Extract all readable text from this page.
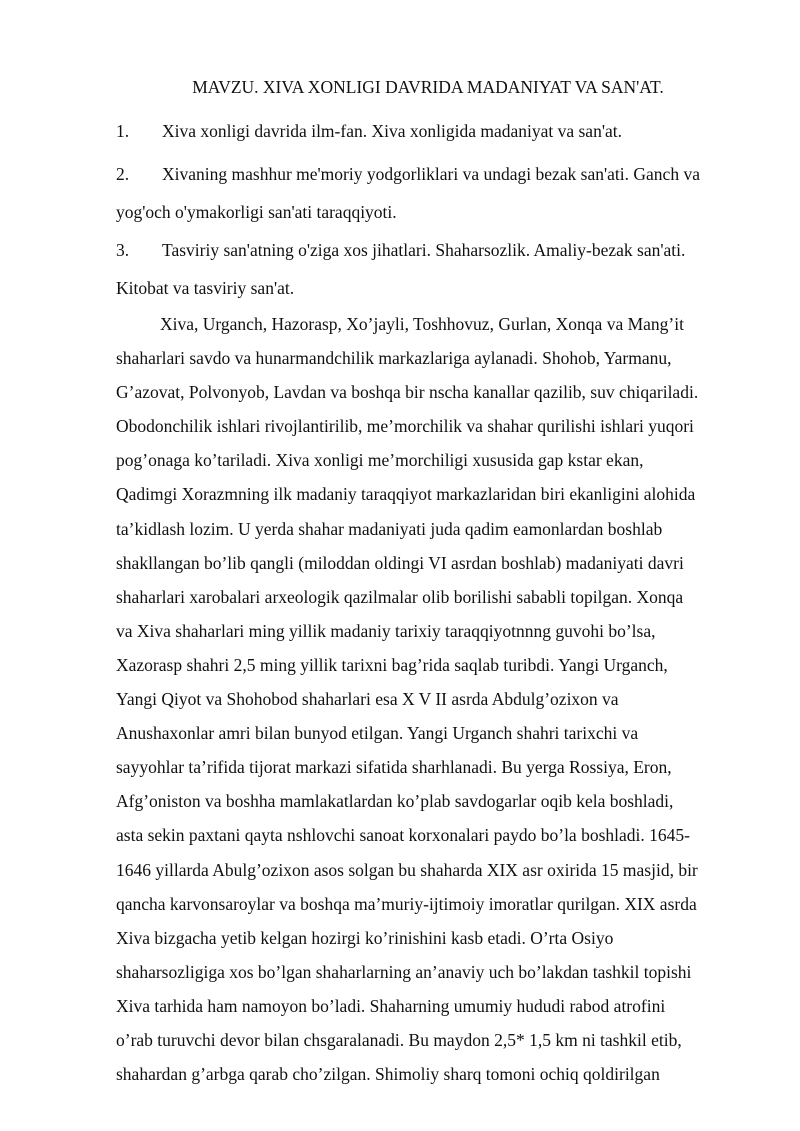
MAVZU. XIVA XONLIGI DAVRIDA MADANIYAT VA SAN'AT.
1. Xiva xonligi davrida ilm-fan. Xiva xonligida madaniyat va san'at.
2. Xivaning mashhur me'moriy yodgorliklari va undagi bezak san'ati. Ganch va
yog'och o'ymakorligi san'ati taraqqiyoti.
3. Tasviriy san'atning o'ziga xos jihatlari. Shaharsozlik. Amaliy-bezak san'ati.
Kitobat va tasviriy san'at.
Xiva, Urganch, Hazorasp, Xo’jayli, Toshhovuz, Gurlan, Xonqa va Mang’it
shaharlari savdo va hunarmandchilik markazlariga aylanadi. Shohob, Yarmanu,
G’azovat, Polvonyob, Lavdan va boshqa bir nscha kanallar qazilib, suv chiqariladi.
Obodonchilik ishlari rivojlantirilib, me’morchilik va shahar qurilishi ishlari yuqori
pog’onaga ko’tariladi. Xiva xonligi me’morchiligi xususida gap kstar ekan,
Qadimgi Xorazmning ilk madaniy taraqqiyot markazlaridan biri ekanligini alohida
ta’kidlash lozim. U yerda shahar madaniyati juda qadim eamonlardan boshlab
shakllangan bo’lib qangli (miloddan oldingi VI asrdan boshlab) madaniyati davri
shaharlari xarobalari arxeologik qazilmalar olib borilishi sababli topilgan. Xonqa
va Xiva shaharlari ming yillik madaniy tarixiy taraqqiyotnnng guvohi bo’lsa,
Xazorasp shahri 2,5 ming yillik tarixni bag’rida saqlab turibdi. Yangi Urganch,
Yangi Qiyot va Shohobod shaharlari esa X V II asrda Abdulg’ozixon va
Anushaxonlar amri bilan bunyod etilgan. Yangi Urganch shahri tarixchi va
sayyohlar ta’rifida tijorat markazi sifatida sharhlanadi. Bu yerga Rossiya, Eron,
Afg’oniston va boshha mamlakatlardan ko’plab savdogarlar oqib kela boshladi,
asta sekin paxtani qayta nshlovchi sanoat korxonalari paydo bo’la boshladi. 1645-
1646 yillarda Abulg’ozixon asos solgan bu shaharda XIX asr oxirida 15 masjid, bir
qancha karvonsaroylar va boshqa ma’muriy-ijtimoiy imoratlar qurilgan. XIX asrda
Xiva bizgacha yetib kelgan hozirgi ko’rinishini kasb etadi. O’rta Osiyo
shaharsozligiga xos bo’lgan shaharlarning an’anaviy uch bo’lakdan tashkil topishi
Xiva tarhida ham namoyon bo’ladi. Shaharning umumiy hududi rabod atrofini
o’rab turuvchi devor bilan chsgaralanadi. Bu maydon 2,5* 1,5 km ni tashkil etib,
shahardan g’arbga qarab cho’zilgan. Shimoliy sharq tomoni ochiq qoldirilgan
